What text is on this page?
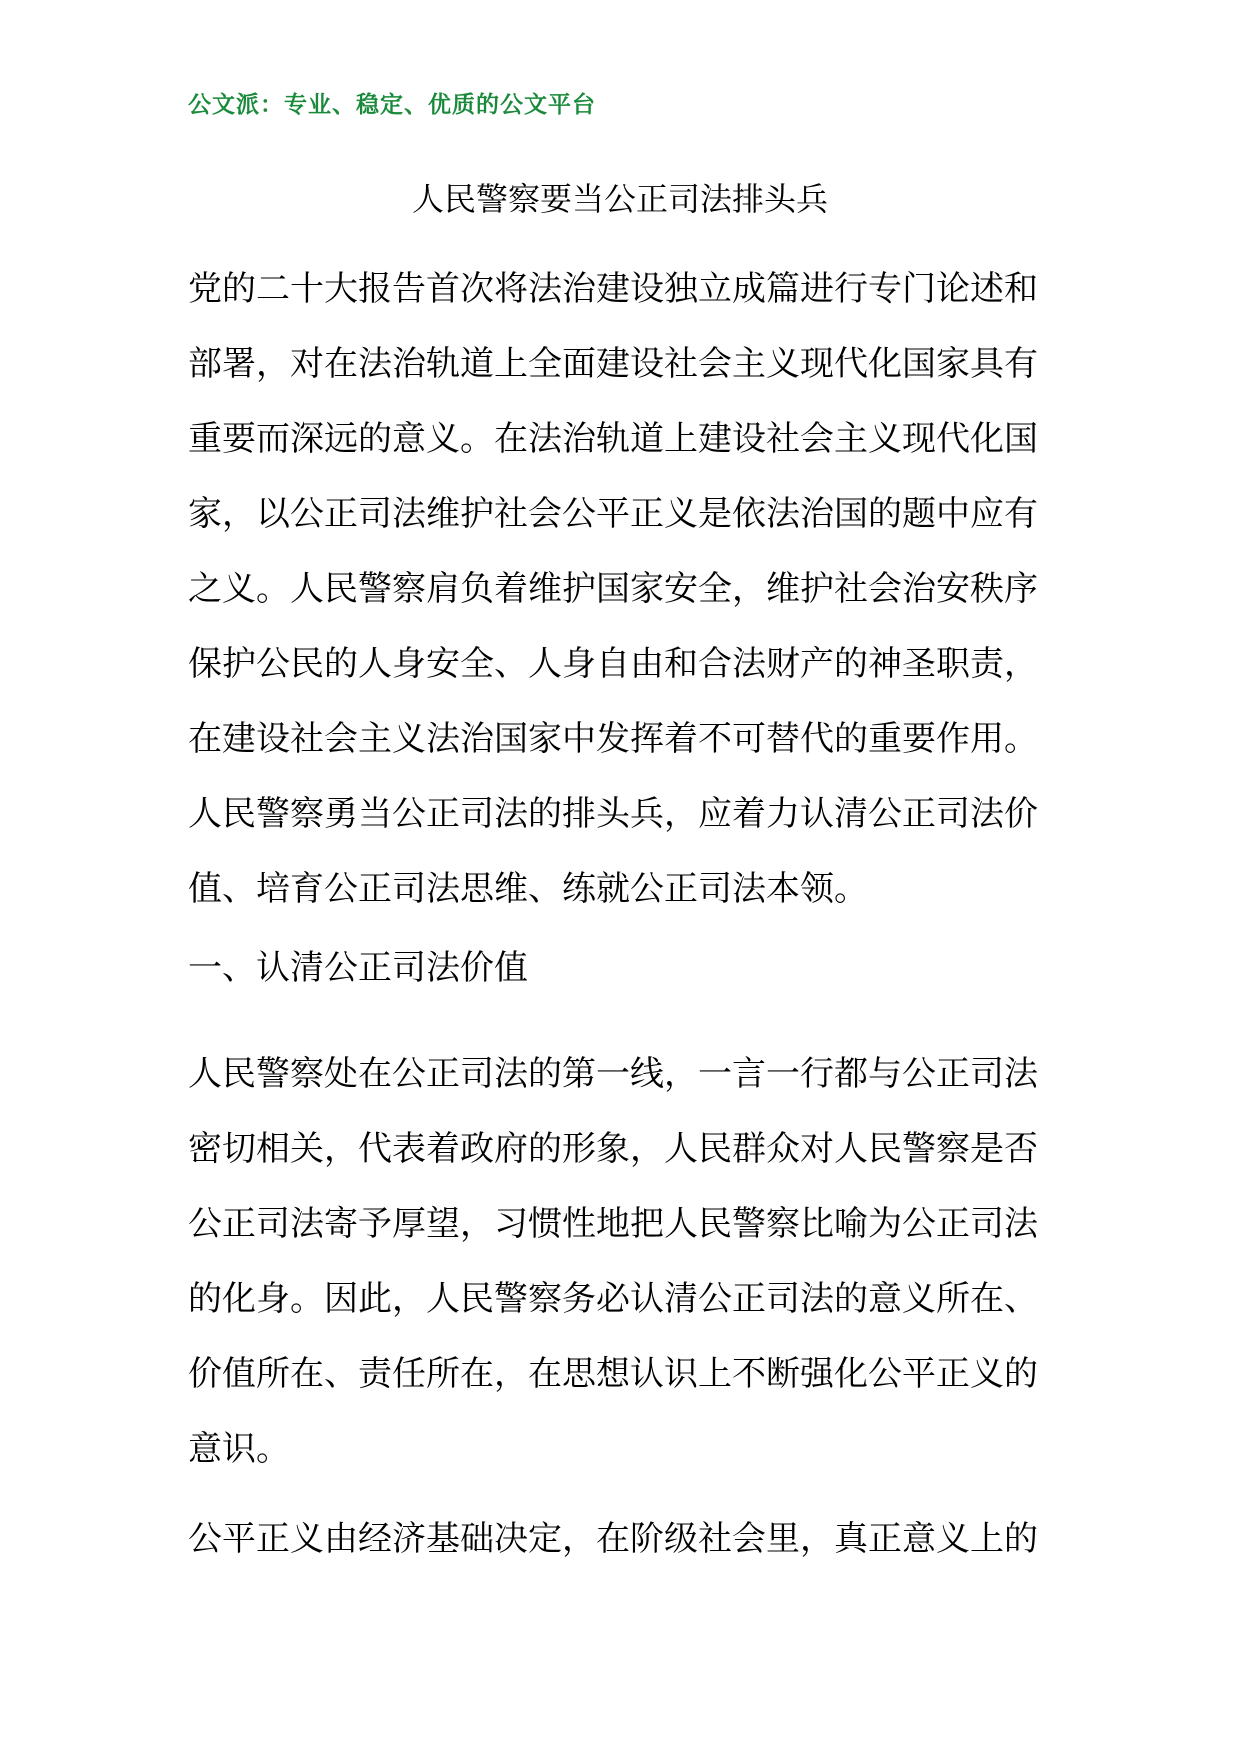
公文派：专业、稳定、优质的公文平台
人民警察要当公正司法排头兵
党的二十大报告首次将法治建设独立成篇进行专门论述和
部署，对在法治轨道上全面建设社会主义现代化国家具有
重要而深远的意义。在法治轨道上建设社会主义现代化国
家，以公正司法维护社会公平正义是依法治国的题中应有
之义。人民警察肩负着维护国家安全，维护社会治安秩序
保护公民的人身安全、人身自由和合法财产的神圣职责，
在建设社会主义法治国家中发挥着不可替代的重要作用。
人民警察勇当公正司法的排头兵，应着力认清公正司法价
值、培育公正司法思维、练就公正司法本领。
一、认清公正司法价值
人民警察处在公正司法的第一线，一言一行都与公正司法
密切相关，代表着政府的形象，人民群众对人民警察是否
公正司法寄予厚望，习惯性地把人民警察比喻为公正司法
的化身。因此，人民警察务必认清公正司法的意义所在、
价值所在、责任所在，在思想认识上不断强化公平正义的
意识。
公平正义由经济基础决定，在阶级社会里，真正意义上的
